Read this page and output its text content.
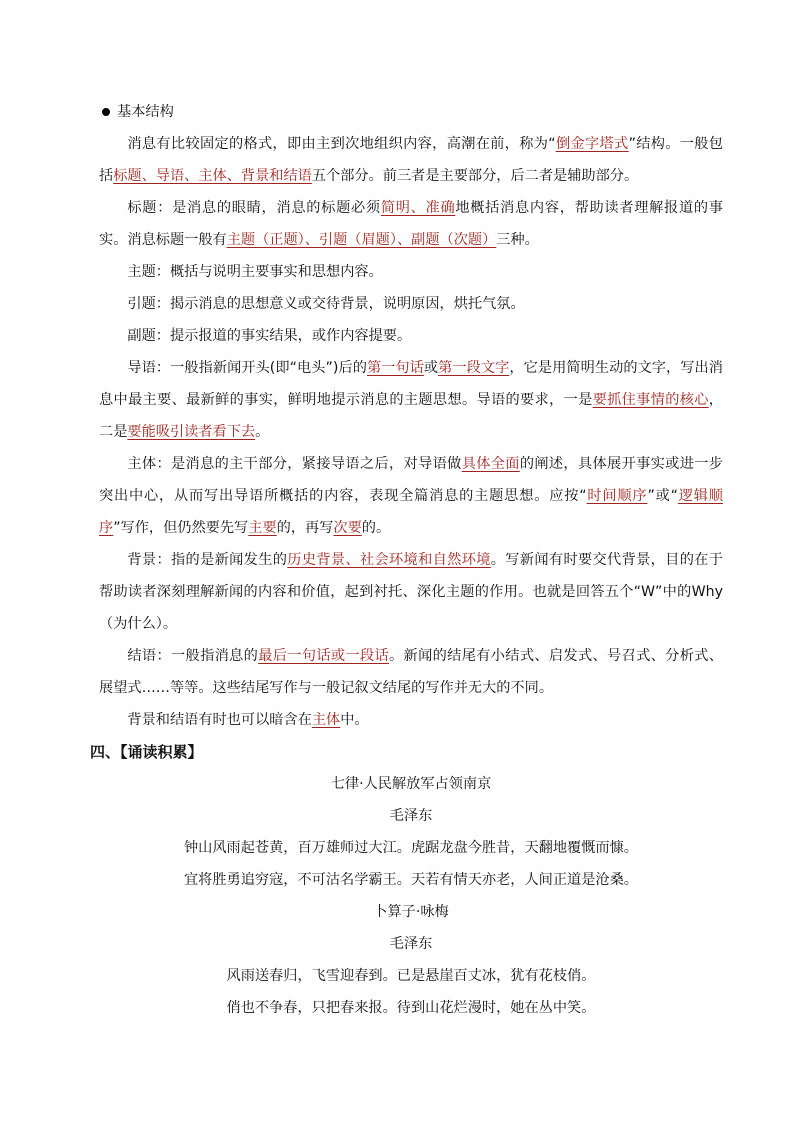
基本结构

消息有比较固定的格式，即由主到次地组织内容，高潮在前，称为“倒金字塔式”结构。一般包括标题、导语、主体、背景和结语五个部分。前三者是主要部分，后二者是辅助部分。

标题：是消息的眼睛，消息的标题必须简明、准确地概括消息内容，帮助读者理解报道的事实。消息标题一般有主题（正题）、引题（眉题）、副题（次题）三种。

主题：概括与说明主要事实和思想内容。

引题：揭示消息的思想意义或交待背景，说明原因，烘托气氛。

副题：提示报道的事实结果，或作内容提要。

导语：一般指新闻开头(即“电头”)后的第一句话或第一段文字，它是用简明生动的文字，写出消息中最主要、最新鲜的事实，鲜明地提示消息的主题思想。导语的要求，一是要抓住事情的核心，二是要能吸引读者看下去。

主体：是消息的主干部分，紧接导语之后，对导语做具体全面的阐述，具体展开事实或进一步突出中心，从而写出导语所概括的内容，表现全篇消息的主题思想。应按“时间顺序”或“逻辑顺序”写作，但仍然要先写主要的，再写次要的。

背景：指的是新闻发生的历史背景、社会环境和自然环境。写新闻有时要交代背景，目的在于帮助读者深刻理解新闻的内容和价值，起到衬托、深化主题的作用。也就是回答五个“W”中的Why（为什么）。

结语：一般指消息的最后一句话或一段话。新闻的结尾有小结式、启发式、号召式、分析式、展望式……等等。这些结尾写作与一般记叙文结尾的写作并无大的不同。

背景和结语有时也可以暗含在主体中。

四、【诵读积累】

七律·人民解放军占领南京

毛泽东

钟山风雨起苍黄，百万雄师过大江。虎踞龙盘今胜昔，天翻地覆慨而慷。

宜将胜勇追穷寇，不可沽名学霸王。天若有情天亦老，人间正道是沧桑。

卜算子·咏梅

毛泽东

风雨送春归，飞雪迎春到。已是悬崖百丈冰，犹有花枝俏。

俏也不争春，只把春来报。待到山花烂漫时，她在丛中笑。
